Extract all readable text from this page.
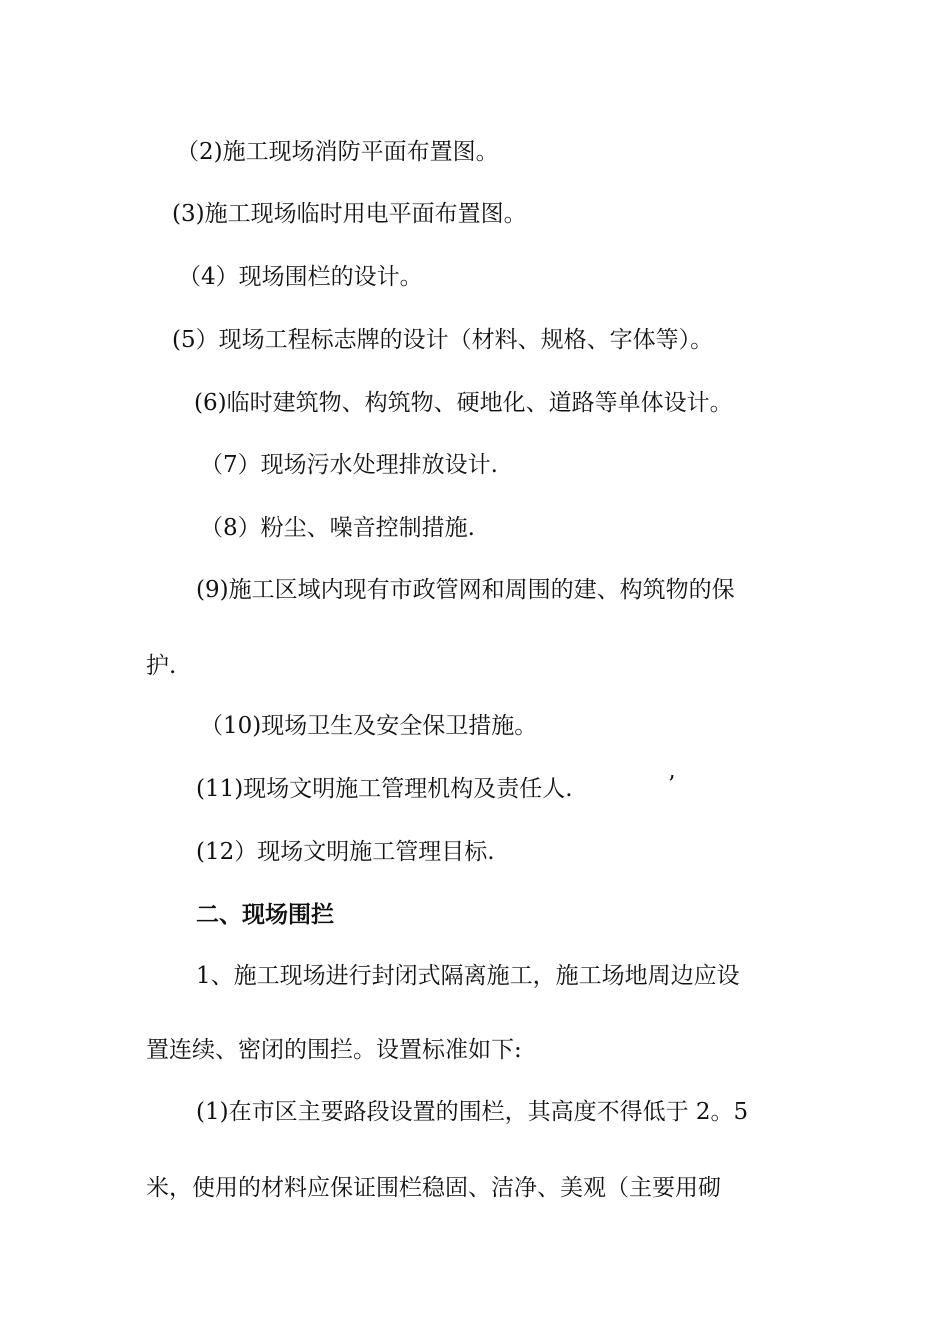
（2)施工现场消防平面布置图。
(3)施工现场临时用电平面布置图。
（4）现场围栏的设计。
(5）现场工程标志牌的设计（材料、规格、字体等）。
(6)临时建筑物、构筑物、硬地化、道路等单体设计。
（7）现场污水处理排放设计.
（8）粉尘、噪音控制措施.
(9)施工区域内现有市政管网和周围的建、构筑物的保
护.
（10)现场卫生及安全保卫措施。
(11)现场文明施工管理机构及责任人.	’
(12）现场文明施工管理目标.
二、现场围拦
1、施工现场进行封闭式隔离施工，施工场地周边应设
置连续、密闭的围拦。设置标准如下:
(1)在市区主要路段设置的围栏，其高度不得低于 2。5
米，使用的材料应保证围栏稳固、洁净、美观（主要用砌
